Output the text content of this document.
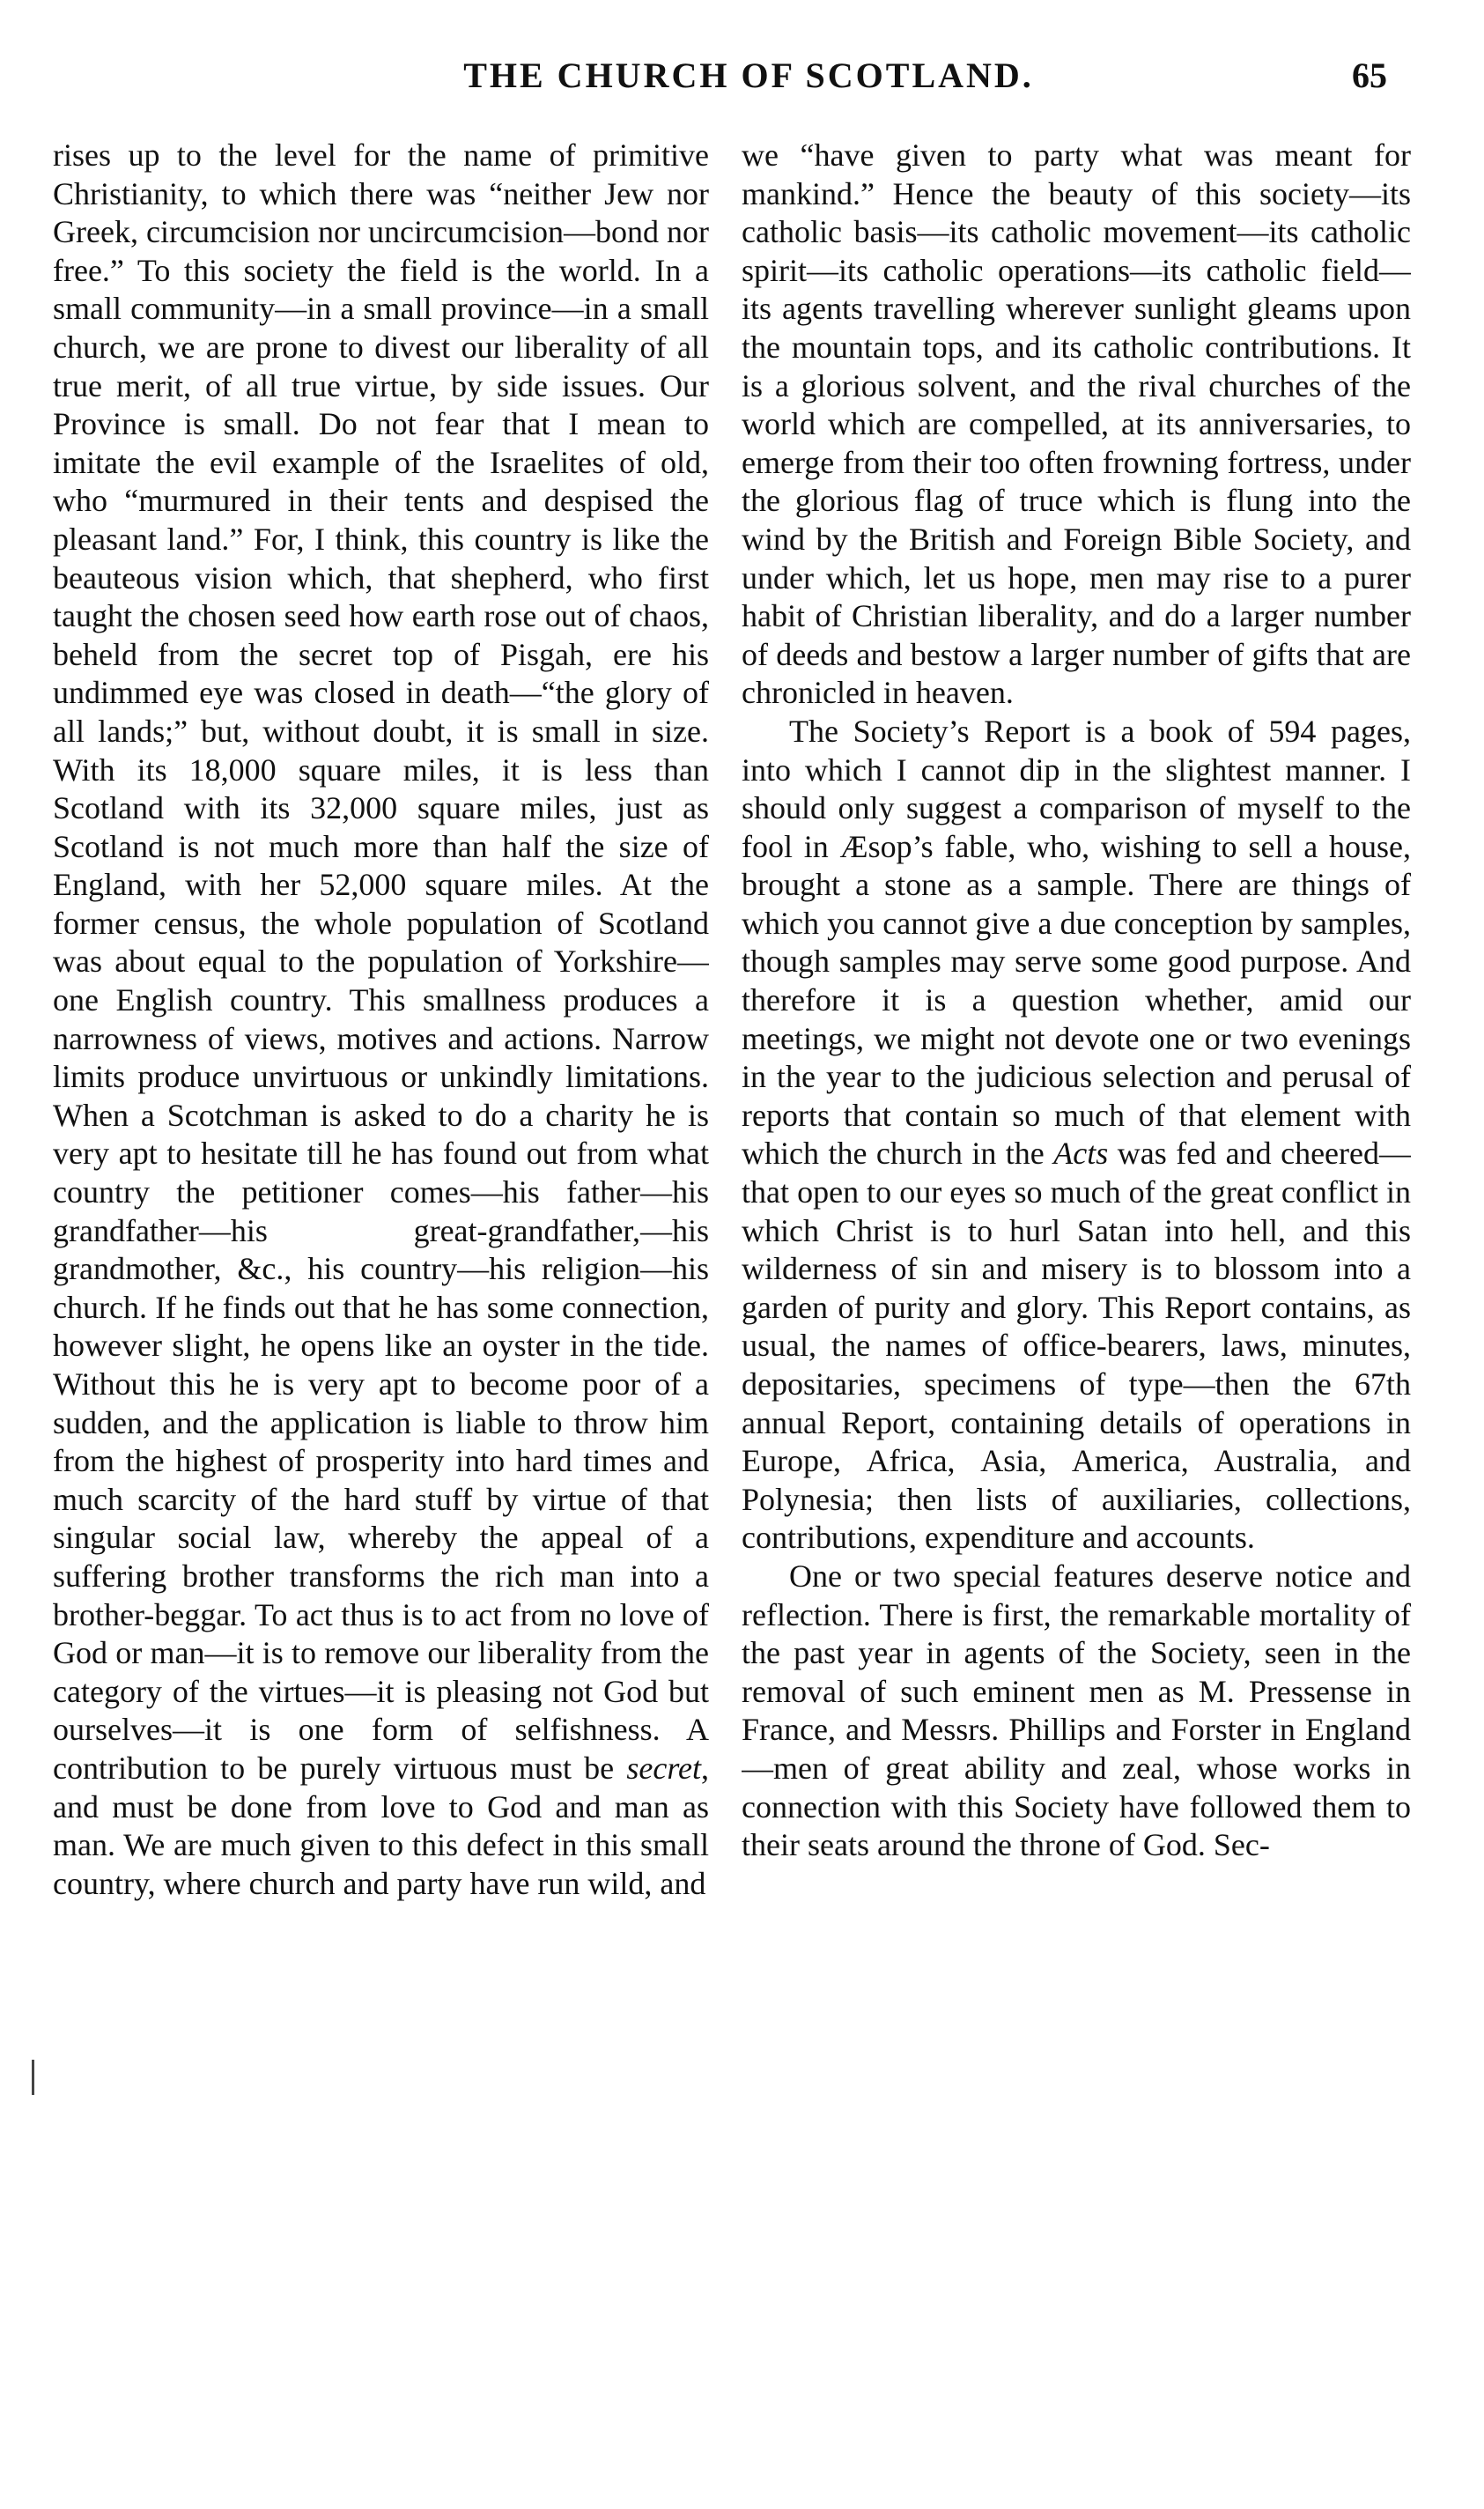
THE CHURCH OF SCOTLAND.	65

rises up to the level for the name of primitive Christianity, to which there was “neither Jew nor Greek, circumcision nor uncircumcision—bond nor free.” To this society the field is the world. In a small community—in a small province—in a small church, we are prone to divest our liberality of all true merit, of all true virtue, by side issues. Our Province is small. Do not fear that I mean to imitate the evil example of the Israelites of old, who “murmured in their tents and despised the pleasant land.” For, I think, this country is like the beauteous vision which, that shepherd, who first taught the chosen seed how earth rose out of chaos, beheld from the secret top of Pisgah, ere his undimmed eye was closed in death—“the glory of all lands;” but, without doubt, it is small in size. With its 18,000 square miles, it is less than Scotland with its 32,000 square miles, just as Scotland is not much more than half the size of England, with her 52,000 square miles. At the former census, the whole population of Scotland was about equal to the population of Yorkshire—one English country. This smallness produces a narrowness of views, motives and actions. Narrow limits produce unvirtuous or unkindly limitations. When a Scotchman is asked to do a charity he is very apt to hesitate till he has found out from what country the petitioner comes—his father—his grandfather—his great-grandfather,—his grandmother, &c., his country—his religion—his church. If he finds out that he has some connection, however slight, he opens like an oyster in the tide. Without this he is very apt to become poor of a sudden, and the application is liable to throw him from the highest of prosperity into hard times and much scarcity of the hard stuff by virtue of that singular social law, whereby the appeal of a suffering brother transforms the rich man into a brother-beggar. To act thus is to act from no love of God or man—it is to remove our liberality from the category of the virtues—it is pleasing not God but ourselves—it is one form of selfishness. A contribution to be purely virtuous must be secret, and must be done from love to God and man as man. We are much given to this defect in this small country, where church and party have run wild, and

we “have given to party what was meant for mankind.” Hence the beauty of this society—its catholic basis—its catholic movement—its catholic spirit—its catholic operations—its catholic field—its agents travelling wherever sunlight gleams upon the mountain tops, and its catholic contributions. It is a glorious solvent, and the rival churches of the world which are compelled, at its anniversaries, to emerge from their too often frowning fortress, under the glorious flag of truce which is flung into the wind by the British and Foreign Bible Society, and under which, let us hope, men may rise to a purer habit of Christian liberality, and do a larger number of deeds and bestow a larger number of gifts that are chronicled in heaven.

The Society’s Report is a book of 594 pages, into which I cannot dip in the slightest manner. I should only suggest a comparison of myself to the fool in Æsop’s fable, who, wishing to sell a house, brought a stone as a sample. There are things of which you cannot give a due conception by samples, though samples may serve some good purpose. And therefore it is a question whether, amid our meetings, we might not devote one or two evenings in the year to the judicious selection and perusal of reports that contain so much of that element with which the church in the Acts was fed and cheered—that open to our eyes so much of the great conflict in which Christ is to hurl Satan into hell, and this wilderness of sin and misery is to blossom into a garden of purity and glory. This Report contains, as usual, the names of office-bearers, laws, minutes, depositaries, specimens of type—then the 67th annual Report, containing details of operations in Europe, Africa, Asia, America, Australia, and Polynesia; then lists of auxiliaries, collections, contributions, expenditure and accounts.

One or two special features deserve notice and reflection. There is first, the remarkable mortality of the past year in agents of the Society, seen in the removal of such eminent men as M. Pressense in France, and Messrs. Phillips and Forster in England—men of great ability and zeal, whose works in connection with this Society have followed them to their seats around the throne of God. Sec-
